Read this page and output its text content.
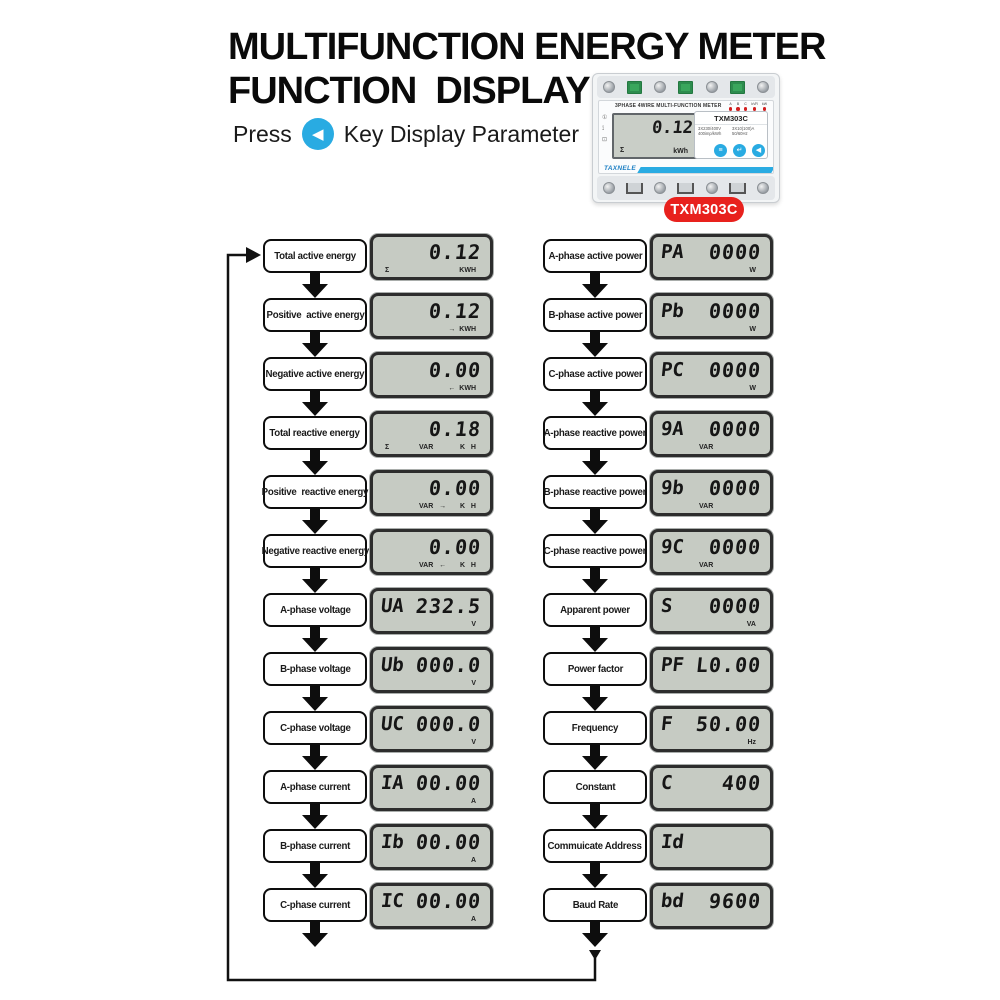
MULTIFUNCTION ENERGY METER
FUNCTION  DISPLAY
Press	◀ Key Display Parameter
3PHASE 4WIRE MULTI-FUNCTION METER A B C kVR kW
①
⟟
⊡
0.12
kWh
Σ
TXM303C
3X230/400V	3X10(100)A
400imp/kWh	50/60Hz
≡	↵	◀
TAXNELE
TXM303C
Total active energy	0.12
Σ	KWH
Positive  active energy	0.12
→  KWH
Negative active energy	0.00
←  KWH
Total reactive energy	0.18
Σ	VAR	K   H
Positive  reactive energy	0.00
VAR   → K   H
Negative reactive energy	0.00
VAR   ← K   H
A-phase voltage UA 232.5
V
B-phase voltage Ub 000.0
V
C-phase voltage UC 000.0
V
A-phase current IA 00.00
A
B-phase current Ib 00.00
A
C-phase current IC 00.00
A
A-phase active power PA 0000
W
B-phase active power Pb 0000
W
C-phase active power PC 0000
W
A-phase reactive power 9A 0000
VAR
B-phase reactive power 9b 0000
VAR
C-phase reactive power 9C 0000
VAR
Apparent power S 0000
VA
Power factor PF L0.00
Frequency F 50.00
Hz
Constant C 400
Commuicate Address Id
Baud Rate bd 9600
